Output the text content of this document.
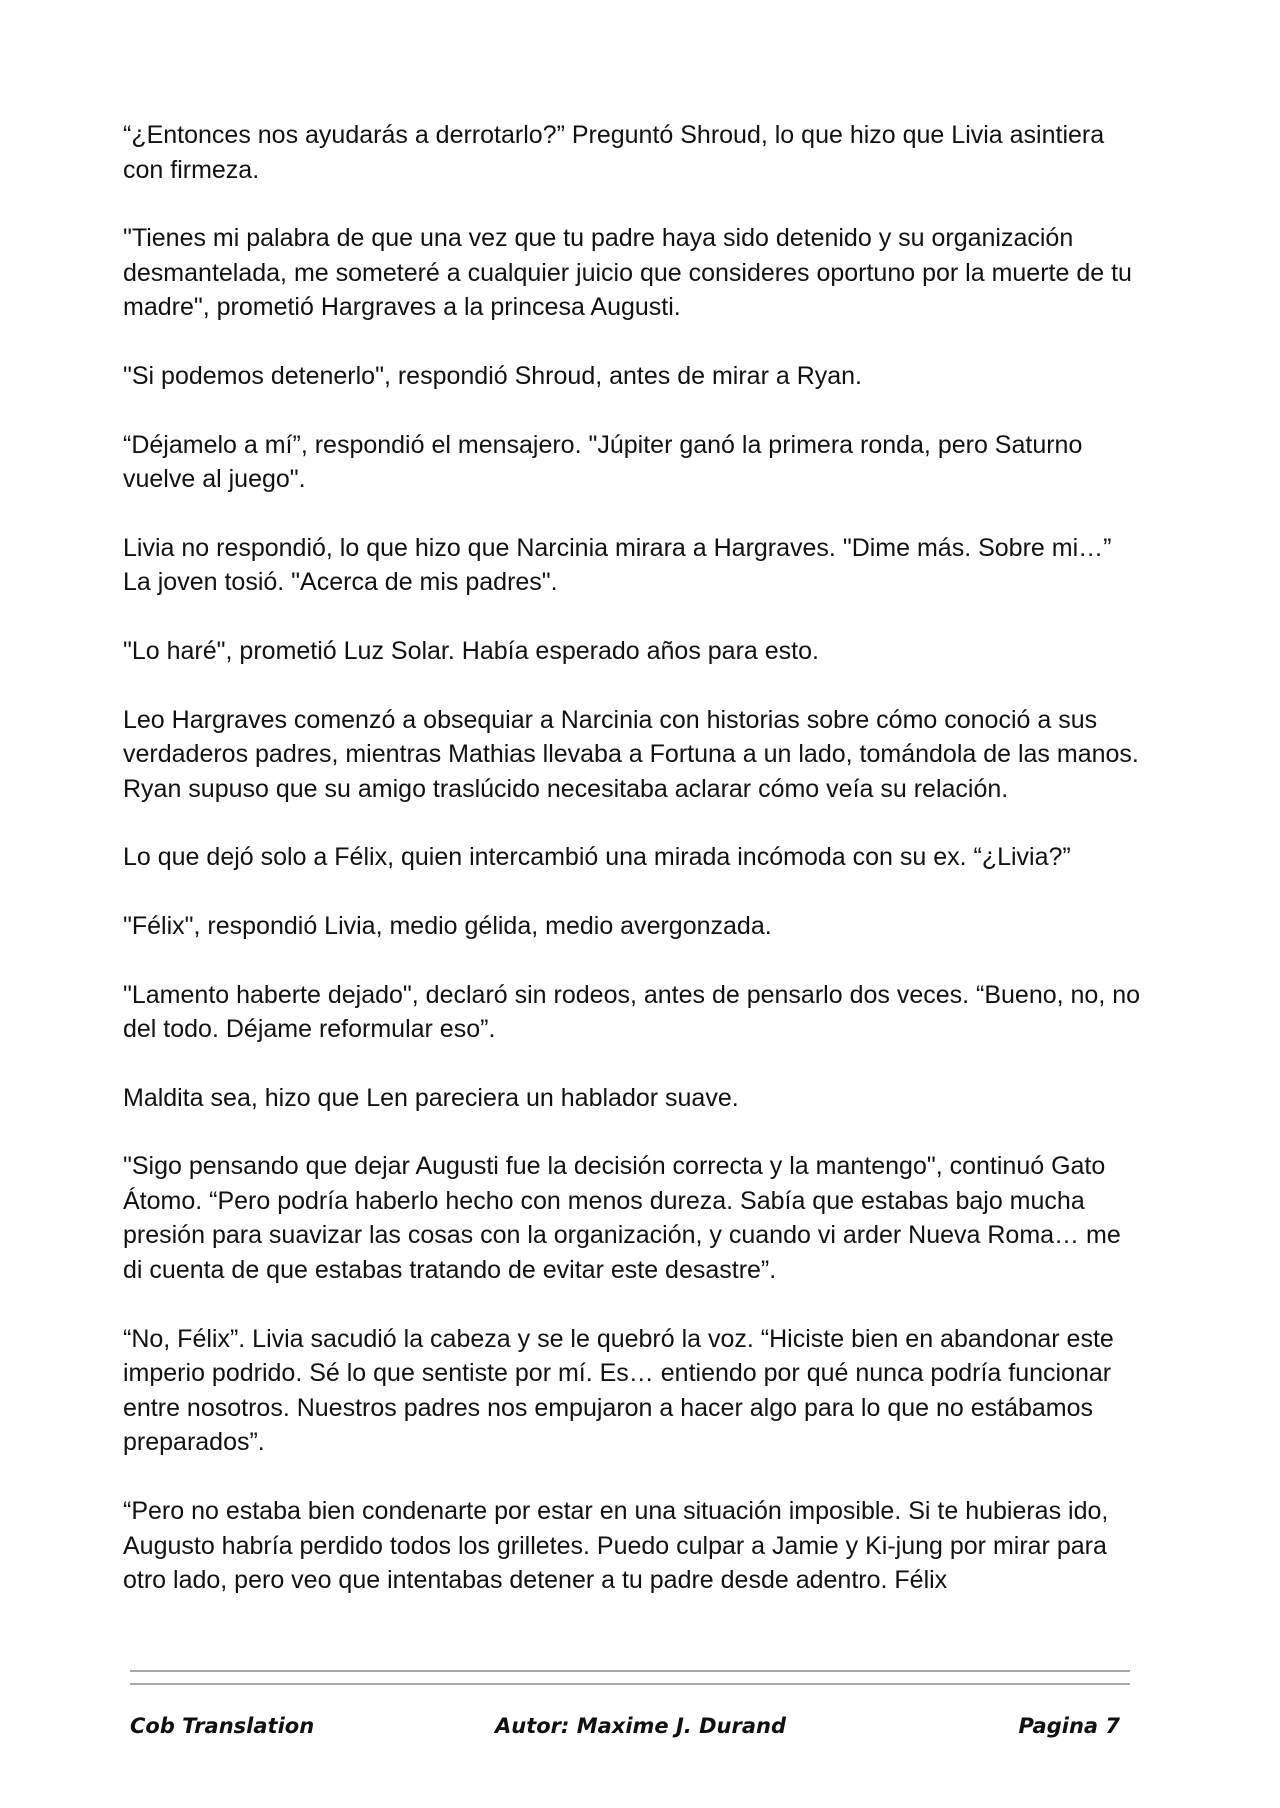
“¿Entonces nos ayudarás a derrotarlo?” Preguntó Shroud, lo que hizo que Livia asintiera con firmeza.

"Tienes mi palabra de que una vez que tu padre haya sido detenido y su organización desmantelada, me someteré a cualquier juicio que consideres oportuno por la muerte de tu madre", prometió Hargraves a la princesa Augusti.

"Si podemos detenerlo", respondió Shroud, antes de mirar a Ryan.

“Déjamelo a mí”, respondió el mensajero. "Júpiter ganó la primera ronda, pero Saturno vuelve al juego".

Livia no respondió, lo que hizo que Narcinia mirara a Hargraves. "Dime más. Sobre mi…” La joven tosió. "Acerca de mis padres".

"Lo haré", prometió Luz Solar. Había esperado años para esto.

Leo Hargraves comenzó a obsequiar a Narcinia con historias sobre cómo conoció a sus verdaderos padres, mientras Mathias llevaba a Fortuna a un lado, tomándola de las manos. Ryan supuso que su amigo traslúcido necesitaba aclarar cómo veía su relación.

Lo que dejó solo a Félix, quien intercambió una mirada incómoda con su ex. “¿Livia?”

"Félix", respondió Livia, medio gélida, medio avergonzada.

"Lamento haberte dejado", declaró sin rodeos, antes de pensarlo dos veces. “Bueno, no, no del todo. Déjame reformular eso”.

Maldita sea, hizo que Len pareciera un hablador suave.

"Sigo pensando que dejar Augusti fue la decisión correcta y la mantengo", continuó Gato Átomo. “Pero podría haberlo hecho con menos dureza. Sabía que estabas bajo mucha presión para suavizar las cosas con la organización, y cuando vi arder Nueva Roma… me di cuenta de que estabas tratando de evitar este desastre”.

“No, Félix”. Livia sacudió la cabeza y se le quebró la voz. “Hiciste bien en abandonar este imperio podrido. Sé lo que sentiste por mí. Es… entiendo por qué nunca podría funcionar entre nosotros. Nuestros padres nos empujaron a hacer algo para lo que no estábamos preparados”.

“Pero no estaba bien condenarte por estar en una situación imposible. Si te hubieras ido, Augusto habría perdido todos los grilletes. Puedo culpar a Jamie y Ki-jung por mirar para otro lado, pero veo que intentabas detener a tu padre desde adentro. Félix

Cob Translation	Autor: Maxime J. Durand	Pagina 7
